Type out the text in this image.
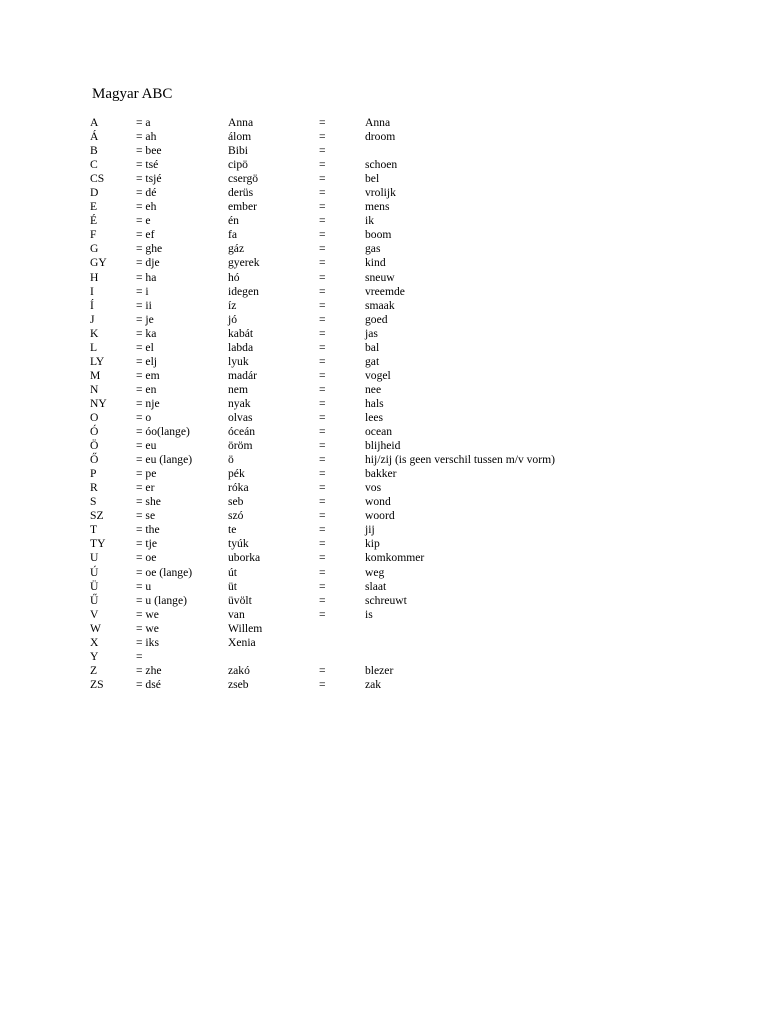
Magyar ABC
A	= a	Anna	=	Anna
Á	= ah	álom	=	droom
B	= bee	Bibi	=
C	= tsé	cipö	=	schoen
CS	= tsjé	csergö	=	bel
D	= dé	derüs	=	vrolijk
E	= eh	ember	=	mens
É	= e	én	=	ik
F	= ef	fa	=	boom
G	= ghe	gáz	=	gas
GY	= dje	gyerek	=	kind
H	= ha	hó	=	sneuw
I	= i	idegen	=	vreemde
Í	= ii	íz	=	smaak
J	= je	jó	=	goed
K	= ka	kabát	=	jas
L	= el	labda	=	bal
LY	= elj	lyuk	=	gat
M	= em	madár	=	vogel
N	= en	nem	=	nee
NY	= nje	nyak	=	hals
O	= o	olvas	=	lees
Ó	= óo(lange)	óceán	=	ocean
Ö	= eu	öröm	=	blijheid
Ő	= eu (lange)	ö	=	hij/zij (is geen verschil tussen m/v vorm)
P	= pe	pék	=	bakker
R	= er	róka	=	vos
S	= she	seb	=	wond
SZ	= se	szó	=	woord
T	= the	te	=	jij
TY	= tje	tyúk	=	kip
U	= oe	uborka	=	komkommer
Ú	= oe (lange)	út	=	weg
Ü	= u	üt	=	slaat
Ű	= u (lange)	üvölt	=	schreuwt
V	= we	van	=	is
W	= we	Willem
X	= iks	Xenia
Y	=
Z	= zhe	zakó	=	blezer
ZS	= dsé	zseb	=	zak
